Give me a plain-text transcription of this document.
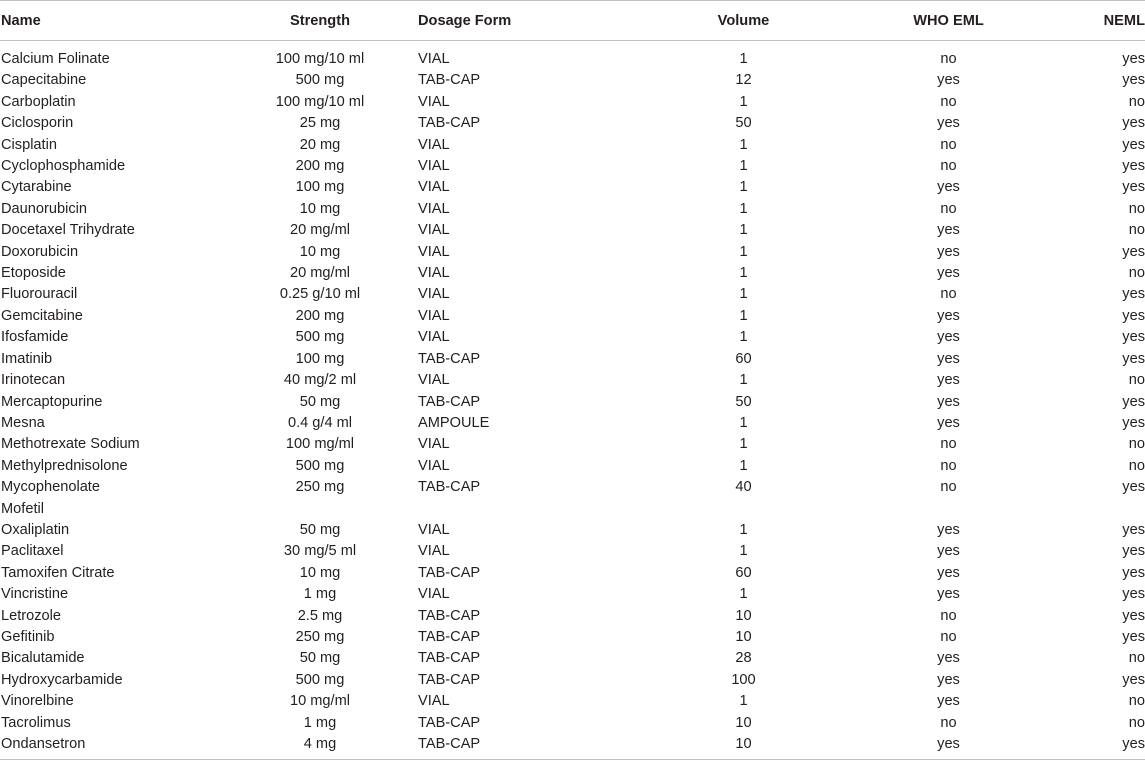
Name	Strength	Dosage Form	Volume	WHO EML	NEML

Calcium Folinate	100 mg/10 ml	VIAL	1	no	yes
Capecitabine	500 mg	TAB-CAP	12	yes	yes
Carboplatin	100 mg/10 ml	VIAL	1	no	no
Ciclosporin	25 mg	TAB-CAP	50	yes	yes
Cisplatin	20 mg	VIAL	1	no	yes
Cyclophosphamide	200 mg	VIAL	1	no	yes
Cytarabine	100 mg	VIAL	1	yes	yes
Daunorubicin	10 mg	VIAL	1	no	no
Docetaxel Trihydrate	20 mg/ml	VIAL	1	yes	no
Doxorubicin	10 mg	VIAL	1	yes	yes
Etoposide	20 mg/ml	VIAL	1	yes	no
Fluorouracil	0.25 g/10 ml	VIAL	1	no	yes
Gemcitabine	200 mg	VIAL	1	yes	yes
Ifosfamide	500 mg	VIAL	1	yes	yes
Imatinib	100 mg	TAB-CAP	60	yes	yes
Irinotecan	40 mg/2 ml	VIAL	1	yes	no
Mercaptopurine	50 mg	TAB-CAP	50	yes	yes
Mesna	0.4 g/4 ml	AMPOULE	1	yes	yes
Methotrexate Sodium	100 mg/ml	VIAL	1	no	no
Methylprednisolone	500 mg	VIAL	1	no	no
Mycophenolate Mofetil	250 mg	TAB-CAP	40	no	yes
Oxaliplatin	50 mg	VIAL	1	yes	yes
Paclitaxel	30 mg/5 ml	VIAL	1	yes	yes
Tamoxifen Citrate	10 mg	TAB-CAP	60	yes	yes
Vincristine	1 mg	VIAL	1	yes	yes
Letrozole	2.5 mg	TAB-CAP	10	no	yes
Gefitinib	250 mg	TAB-CAP	10	no	yes
Bicalutamide	50 mg	TAB-CAP	28	yes	no
Hydroxycarbamide	500 mg	TAB-CAP	100	yes	yes
Vinorelbine	10 mg/ml	VIAL	1	yes	no
Tacrolimus	1 mg	TAB-CAP	10	no	no
Ondansetron	4 mg	TAB-CAP	10	yes	yes
